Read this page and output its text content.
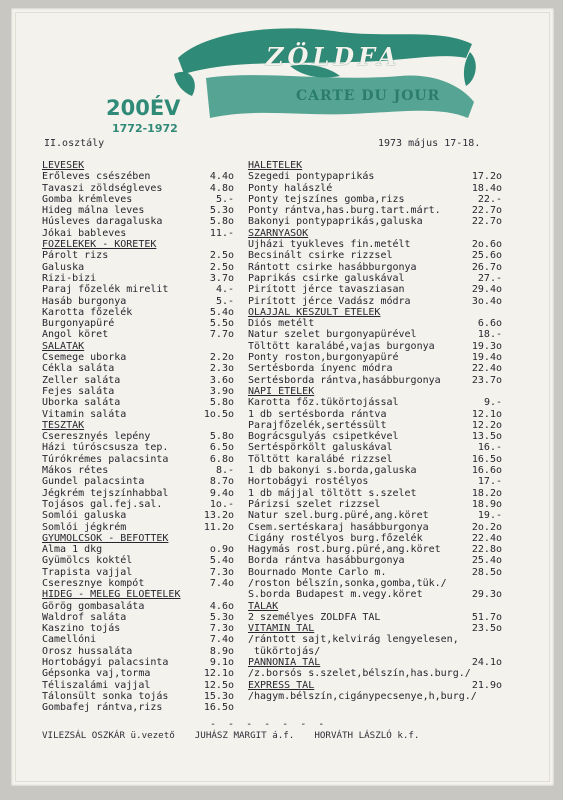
ZÖLDFA
CARTE DU JOUR
200ÉV
1772-1972
II.osztály	1973 május 17-18.
LEVESEK
Erőleves csészében	4.4o
Tavaszi zöldségleves	4.8o
Gomba krémleves	5.-
Hideg málna leves	5.3o
Húsleves daragaluska	5.8o
Jókai bableves	11.-
FŐZELÉKEK - KÖRETEK
Párolt rizs	2.5o
Galuska	2.5o
Rizi-bizi	3.7o
Paraj főzelék mirelit	4.-
Hasáb burgonya	5.-
Karotta főzelék	5.4o
Burgonyapüré	5.5o
Angol köret	7.7o
SALÁTÁK
Csemege uborka	2.2o
Cékla saláta	2.3o
Zeller saláta	3.6o
Fejes saláta	3.9o
Uborka saláta	5.8o
Vitamin saláta	1o.5o
TÉSZTÁK
Cseresznyés lepény	5.8o
Házi túróscsusza tep.	6.5o
Túrókrémes palacsinta	6.8o
Mákos rétes	8.-
Gundel palacsinta	8.7o
Jégkrém tejszínhabbal	9.4o
Tojásos gal.fej.sal.	1o.-
Somlói galuska	13.2o
Somlói jégkrém	11.2o
GYÜMÖLCSÖK - BEFŐTTEK
Alma 1 dkg	o.9o
Gyümölcs koktél	5.4o
Trapista vajjal	7.3o
Cseresznye kompót	7.4o
HIDEG - MELEG ELŐÉTELEK
Görög gombasaláta	4.6o
Waldrof saláta	5.3o
Kaszino tojás	7.3o
Camellóni	7.4o
Orosz hussaláta	8.9o
Hortobágyi palacsinta	9.1o
Gépsonka vaj,torma	12.1o
Téliszalámi vajjal	12.5o
Tálonsült sonka tojás	15.3o
Gombafej rántva,rizs	16.5o
HALÉTELEK
Szegedi pontypaprikás	17.2o
Ponty halászlé	18.4o
Ponty tejszínes gomba,rizs	22.-
Ponty rántva,has.burg.tart.márt.	22.7o
Bakonyi pontypaprikás,galuska	22.7o
SZÁRNYASOK
Újházi tyukleves fin.metélt	2o.6o
Becsinált csirke rizzsel	25.6o
Rántott csirke hasábburgonya	26.7o
Paprikás csirke galuskával	27.-
Pirított jérce tavasziasan	29.4o
Pirított jérce Vadász módra	3o.4o
OLAJJAL KÉSZÜLT ÉTELEK
Diós metélt	6.6o
Natur szelet burgonyapürével	18.-
Töltött karalábé,vajas burgonya	19.3o
Ponty roston,burgonyapüré	19.4o
Sertésborda ínyenc módra	22.4o
Sertésborda rántva,hasábburgonya	23.7o
NAPI ÉTELEK
Karotta főz.tükörtojással	9.-
1 db sertésborda rántva	12.1o
Parajfőzelék,sertéssült	12.2o
Bográcsgulyás csipetkével	13.5o
Sertéspörkölt galuskával	16.-
Töltött karalábé rizzsel	16.5o
1 db bakonyi s.borda,galuska	16.6o
Hortobágyi rostélyos	17.-
1 db májjal töltött s.szelet	18.2o
Párizsi szelet rizzsel	18.9o
Natur szel.burg.püré,ang.köret	19.-
Csem.sertéskaraj hasábburgonya	2o.2o
Cigány rostélyos burg.főzelék	22.4o
Hagymás rost.burg.püré,ang.köret	22.8o
Borda rántva hasábburgonya	25.4o
Bournado Monte Carlo m.	28.5o
/roston bélszín,sonka,gomba,tük./
S.borda Budapest m.vegy.köret	29.3o
TÁLAK
2 személyes ZÖLDFA TÁL	51.7o
VITAMIN TÁL	23.5o
/rántott sajt,kelvirág lengyelesen,
tükörtojás/
PANNONIA TÁL	24.1o
/z.borsós s.szelet,bélszín,has.burg./
EXPRESS TÁL	21.9o
/hagym.bélszín,cigánypecsenye,h,burg./
- - - - - - -
VILEZSÁL OSZKÁR ü.vezető JUHÁSZ MARGIT á.f. HORVÁTH LÁSZLÓ k.f.
